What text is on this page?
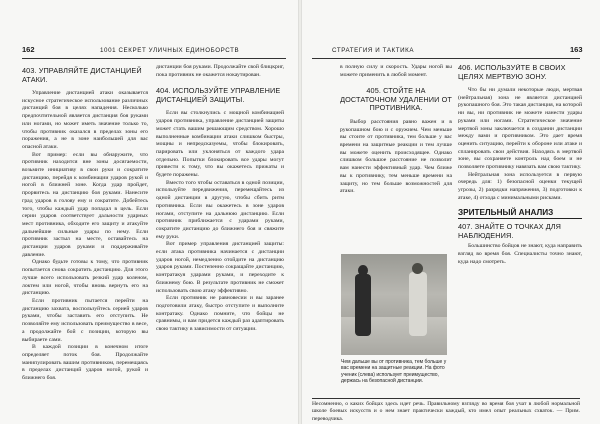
162	1001 СЕКРЕТ УЛИЧНЫХ ЕДИНОБОРСТВ
403. УПРАВЛЯЙТЕ ДИСТАНЦИЕЙ АТАКИ.

Управление дистанцией атаки оказывается искусное стратегическое использование различных дистанций боя в целях нападения. Несколько предпочтительной является дистанция боя руками или ногами, но может иметь значение только то, чтобы противник оказался в пределах зоны его поражения, а не в зоне наибольшей для вас опасной атаки.

Вот пример: если вы обнаружите, что противник находится вне зоны досягаемости, возьмите инициативу в свои руки и сократите дистанцию, перейдя к комбинации ударов рукой и ногой в ближней зоне. Когда удар пройдет, прорвитесь на дистанцию боя руками. Нанесите град ударов в голову ему и сократите. Добейтесь того, чтобы каждый удар попадал в цель. Если серии ударов соответствует дальности ударных мест противника, обходите его защиту и атакуйте дальнейшие сильные удары по нему. Если противник застыл на месте, оставайтесь на дистанции ударов руками и поддерживайте давление.

Однако будьте готовы к тому, что противник попытается снова сократить дистанцию. Для этого лучше всего использовать резкий удар коленом, локтем или ногой, чтобы вновь вернуть его на дистанцию.

Если противник пытается перейти на дистанцию захвата, воспользуйтесь серией ударов руками, чтобы заставить его отступить. Не позволяйте ему использовать преимущество в весе, а продолжайте бой с позиции, которую вы выбираете сами.

В каждой позиции в конечном итоге определяет поток боя. Продолжайте манипулировать вашим противником, перемещаясь в пределах дистанций ударов ногой, рукой и ближнего боя.

дистанции боя руками. Продолжайте свой блицкриг, пока противник не окажется нокаутирован.

404. ИСПОЛЬЗУЙТЕ УПРАВЛЕНИЕ ДИСТАНЦИЕЙ ЗАЩИТЫ.

Если вы столкнулись с мощной комбинацией ударов противника, управление дистанцией защиты может стать вашим решающим средством. Хорошо выполненные комбинации атаки слишком быстры, мощны и непредсказуемы, чтобы блокировать, парировать или уклоняться от каждого удара отдельно. Попытки блокировать все удары могут привести к тому, что вы окажетесь прижаты и будете поражены.

Вместо того чтобы оставаться в одной позиции, используйте передвижения, перемещайтесь из одной дистанции в другую, чтобы сбить ритм противника. Если вы окажетесь в зоне ударов ногами, отступите на дальнюю дистанцию. Если противник приближается с ударами руками, сократите дистанцию до ближнего боя и свяжите ему руки.

Вот пример управления дистанцией защиты: если атака противника начинается с дистанции ударов ногой, немедленно отойдите на дистанцию ударов руками. Постепенно сокращайте дистанцию, контратакуя ударами руками, и переходите к ближнему бою. В результате противник не сможет использовать свою атаку эффективно.

Если противник не равновесии и вы заранее подготовили атаку, быстро отступите и выполните контратаку. Однако помните, что бойцы не сравнимы, и вам придется каждый раз адаптировать свою тактику в зависимости от ситуации.

СТРАТЕГИЯ И ТАКТИКА	163

в полную силу и скорость. Удары ногой вы можете применить в любой момент.

405. СТОЙТЕ НА ДОСТАТОЧНОМ УДАЛЕНИИ ОТ ПРОТИВНИКА.

Выбор расстояния равно важен и в рукопашном бою и с оружием. Чем меньше вы стоите от противника, тем больше у вас времени на защитные реакции и тем лучше вы можете оценить происходящее. Однако слишком большое расстояние не позволит вам нанести эффективный удар. Чем ближе вы к противнику, тем меньше времени на защиту, но тем больше возможностей для атаки.

406. ИСПОЛЬЗУЙТЕ В СВОИХ ЦЕЛЯХ МЕРТВУЮ ЗОНУ.

Что бы ни думали некоторые люди, мертвая (нейтральная) зона не является дистанцией рукопашного боя. Это такая дистанция, на которой ни вы, ни противник не можете нанести удары руками или ногами. Стратегическое значение мертвой зоны заключается в создании дистанции между вами и противником. Это дает время оценить ситуацию, перейти к обороне или атаке и спланировать свои действия. Находясь в мертвой зоне, вы сохраняете контроль над боем и не позволяете противнику навязать вам свою тактику.

Нейтральная зона используется в первую очередь для: 1) безопасной оценки текущей угрозы, 2) разрядки напряжения, 3) подготовки к атаке, 4) отхода с минимальными рисками.

ЗРИТЕЛЬНЫЙ АНАЛИЗ
407. ЗНАЙТЕ О ТОЧКАХ ДЛЯ НАБЛЮДЕНИЯ.

Большинство бойцов не знают, куда направить взгляд во время боя. Специалисты точно знают, куда надо смотреть.

Чем дальше вы от противника, тем больше у вас времени на защитные реакции. На фото ученик (слева) использует преимущество, держась на безопасной дистанции.
Несомненно, о каких бойцах здесь идет речь. Правильному взгляду во время боя учат в любой нормальной школе боевых искусств и о нем знает практически каждый, кто имел опыт реальных схваток. — Прим. переводчика.
